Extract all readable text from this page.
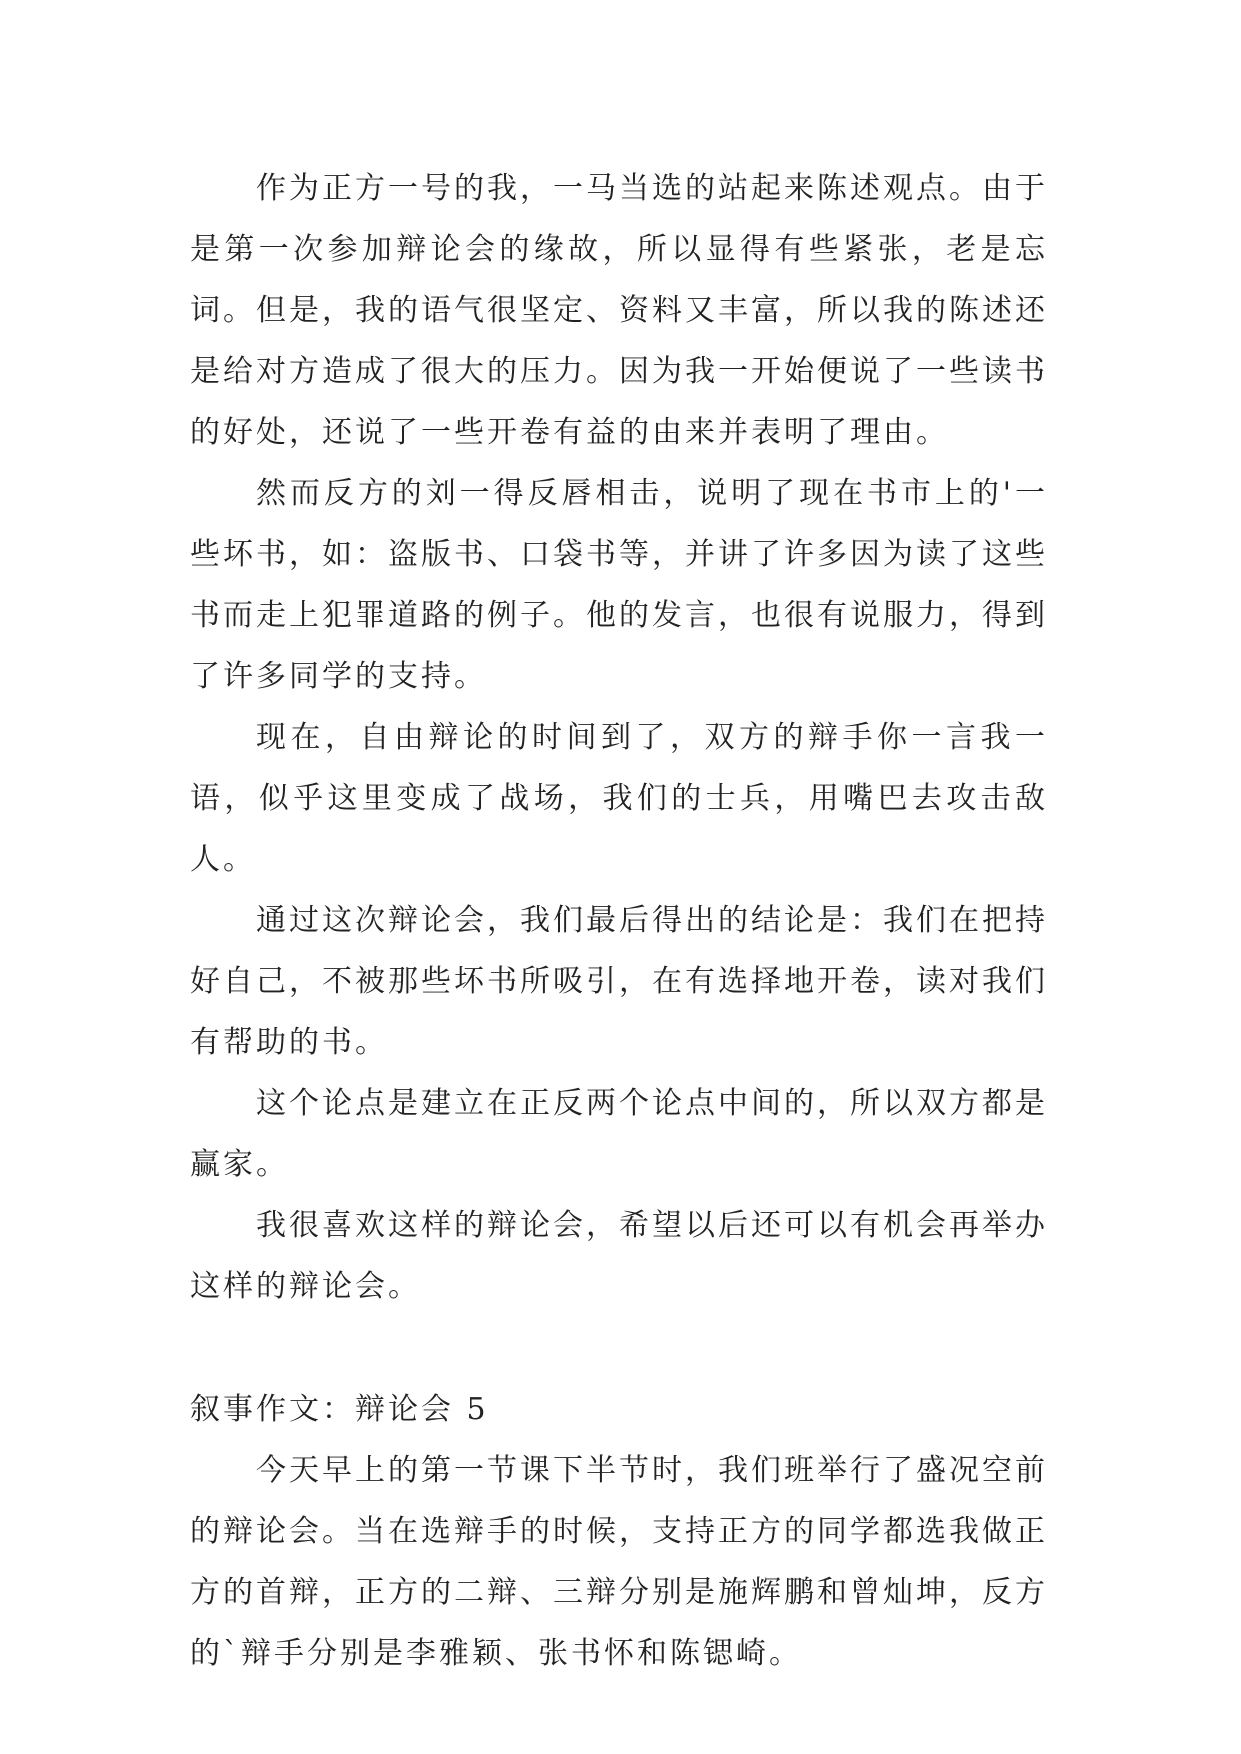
作为正方一号的我，一马当选的站起来陈述观点。由于是第一次参加辩论会的缘故，所以显得有些紧张，老是忘词。但是，我的语气很坚定、资料又丰富，所以我的陈述还是给对方造成了很大的压力。因为我一开始便说了一些读书的好处，还说了一些开卷有益的由来并表明了理由。

然而反方的刘一得反唇相击，说明了现在书市上的'一些坏书，如：盗版书、口袋书等，并讲了许多因为读了这些书而走上犯罪道路的例子。他的发言，也很有说服力，得到了许多同学的支持。

现在，自由辩论的时间到了，双方的辩手你一言我一语，似乎这里变成了战场，我们的士兵，用嘴巴去攻击敌人。

通过这次辩论会，我们最后得出的结论是：我们在把持好自己，不被那些坏书所吸引，在有选择地开卷，读对我们有帮助的书。

这个论点是建立在正反两个论点中间的，所以双方都是赢家。

我很喜欢这样的辩论会，希望以后还可以有机会再举办这样的辩论会。

叙事作文：辩论会 5

今天早上的第一节课下半节时，我们班举行了盛况空前的辩论会。当在选辩手的时候，支持正方的同学都选我做正方的首辩，正方的二辩、三辩分别是施辉鹏和曾灿坤，反方的`辩手分别是李雅颖、张书怀和陈锶崎。
